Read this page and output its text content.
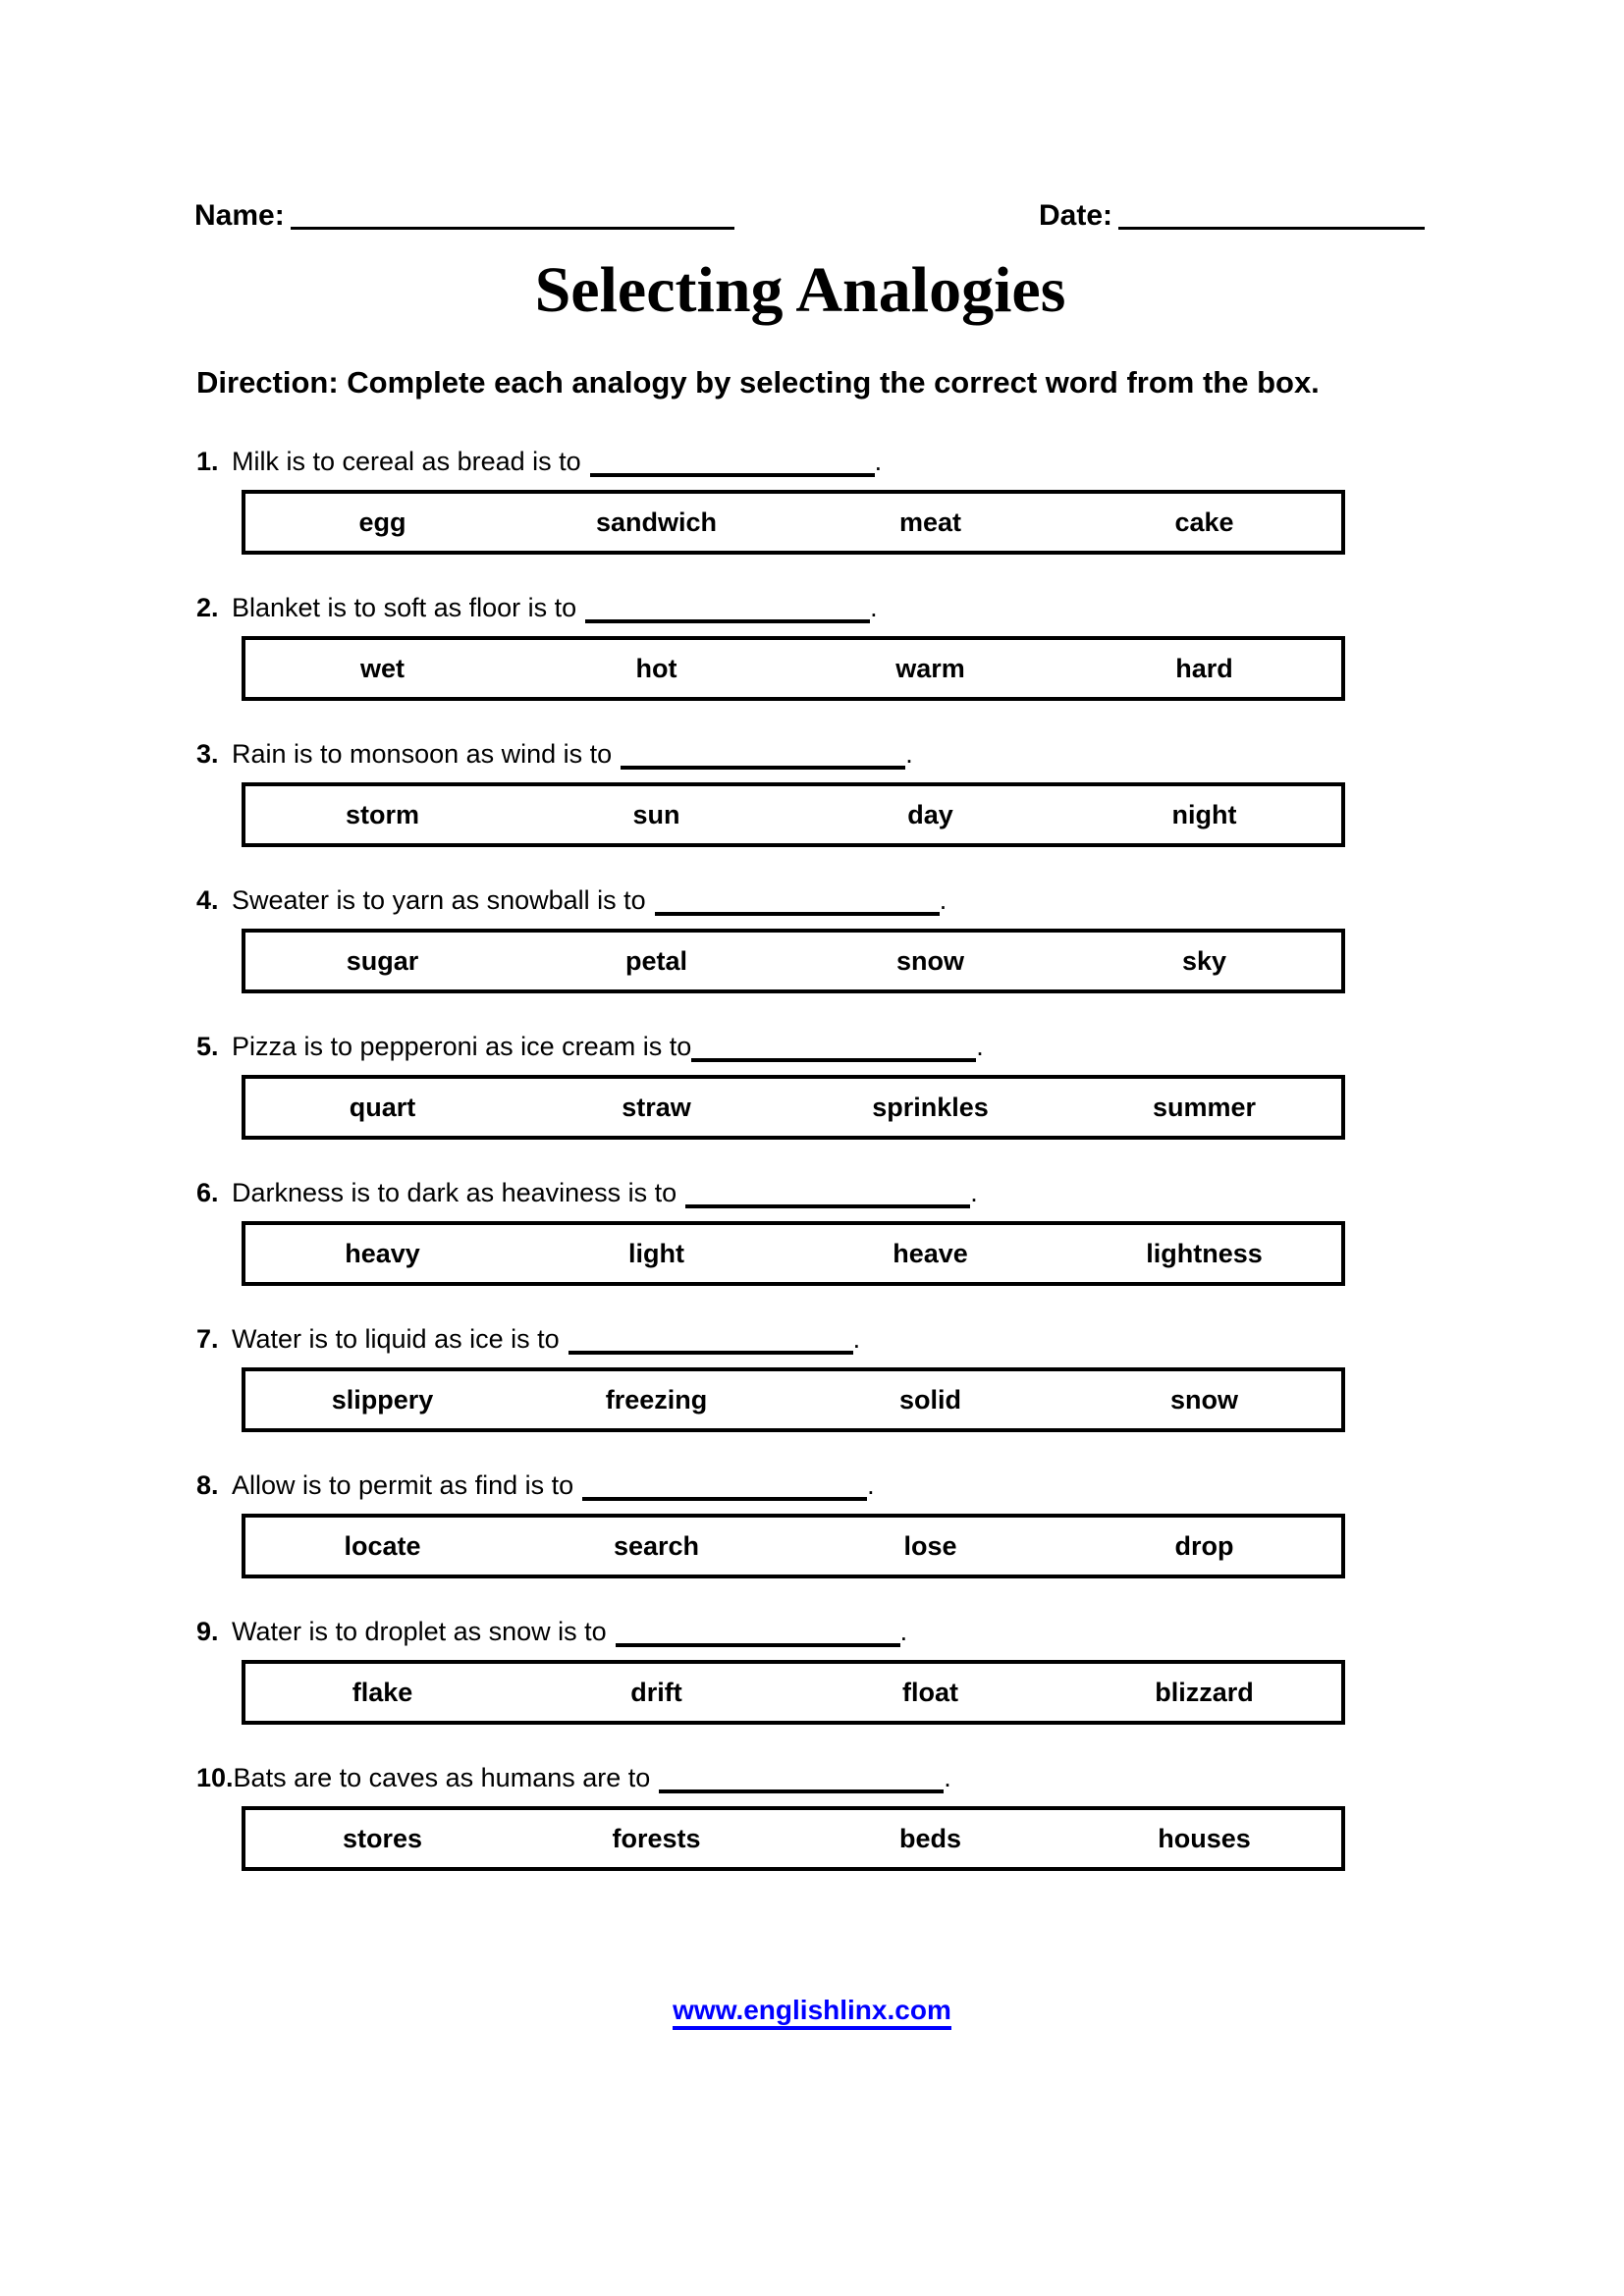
Name:	Date:
Selecting Analogies
Direction: Complete each analogy by selecting the correct word from the box.
1. Milk is to cereal as bread is to	.
egg	sandwich	meat	cake
2. Blanket is to soft as floor is to	.
wet	hot	warm	hard
3. Rain is to monsoon as wind is to	.
storm	sun	day	night
4. Sweater is to yarn as snowball is to	.
sugar	petal	snow	sky
5. Pizza is to pepperoni as ice cream is to	.
quart	straw	sprinkles	summer
6. Darkness is to dark as heaviness is to	.
heavy	light	heave	lightness
7. Water is to liquid as ice is to	.
slippery	freezing	solid	snow
8. Allow is to permit as find is to	.
locate	search	lose	drop
9. Water is to droplet as snow is to	.
flake	drift	float	blizzard
10.Bats are to caves as humans are to	.
stores	forests	beds	houses
www.englishlinx.com
